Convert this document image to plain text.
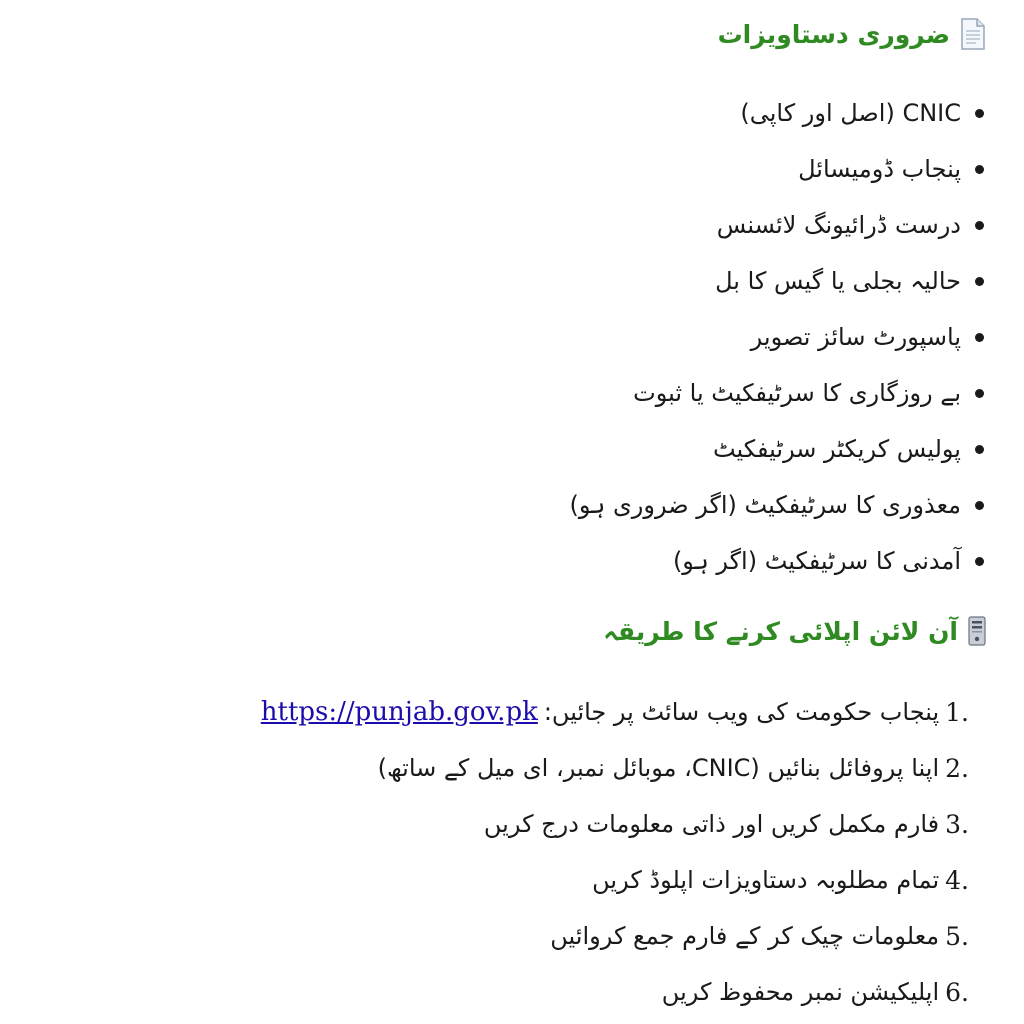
ضروری دستاویزات
CNIC (اصل اور کاپی)
پنجاب ڈومیسائل
درست ڈرائیونگ لائسنس
حالیہ بجلی یا گیس کا بل
پاسپورٹ سائز تصویر
بے روزگاری کا سرٹیفکیٹ یا ثبوت
پولیس کریکٹر سرٹیفکیٹ
معذوری کا سرٹیفکیٹ (اگر ضروری ہو)
آمدنی کا سرٹیفکیٹ (اگر ہو)
آن لائن اپلائی کرنے کا طریقہ
1.
پنجاب حکومت کی ویب سائٹ پر جائیں:
https://punjab.gov.pk
2.
اپنا پروفائل بنائیں (CNIC، موبائل نمبر، ای میل کے ساتھ)
3.
فارم مکمل کریں اور ذاتی معلومات درج کریں
4.
تمام مطلوبہ دستاویزات اپلوڈ کریں
5.
معلومات چیک کر کے فارم جمع کروائیں
6.
اپلیکیشن نمبر محفوظ کریں
